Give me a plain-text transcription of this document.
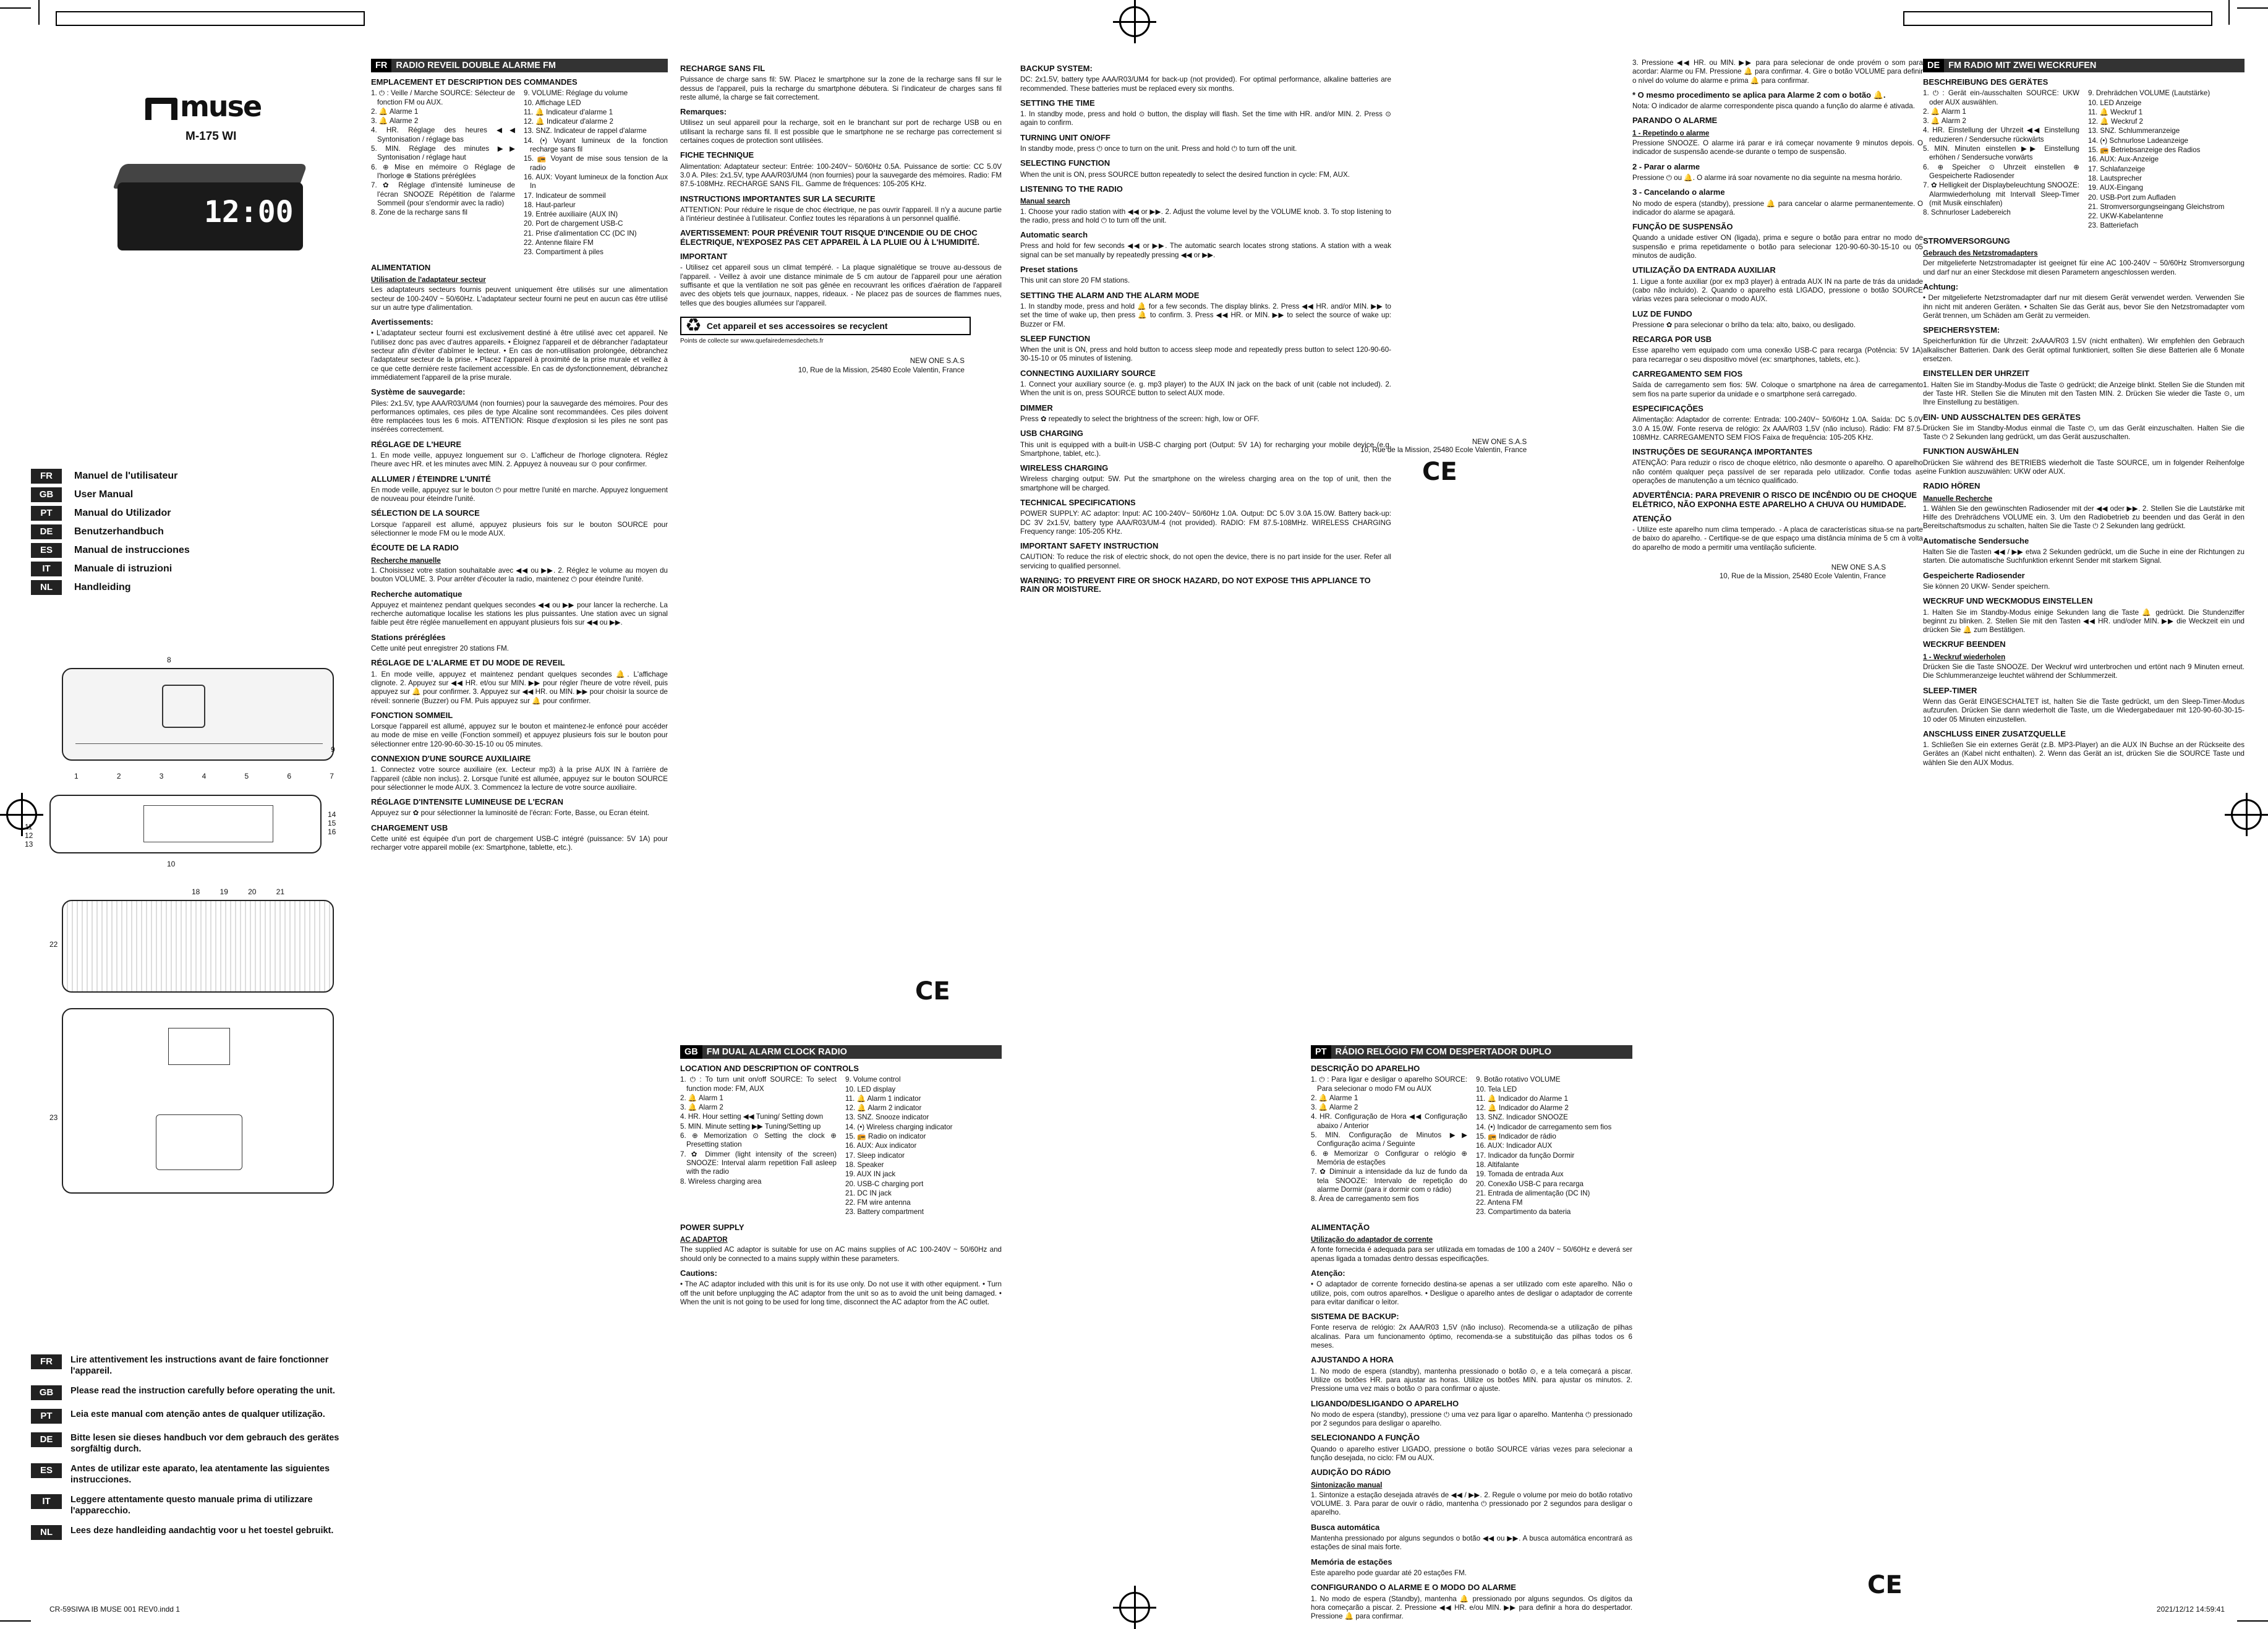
muse
M-175 WI
12:00
FR	Manuel de l'utilisateur
GB	User Manual
PT	Manual do Utilizador
DE	Benutzerhandbuch
ES	Manual de instrucciones
IT	Manuale di istruzioni
NL	Handleiding
8
9
1	2	3	4	5	6	7
11
12
13
14
15
16
10
18	19	20	21
22
23
FR	Lire attentivement les instructions avant de faire fonctionner l'appareil.
GB	Please read the instruction carefully before operating the unit.
PT	Leia este manual com atenção antes de qualquer utilização.
DE	Bitte lesen sie dieses handbuch vor dem gebrauch des gerätes sorgfältig durch.
ES	Antes de utilizar este aparato, lea atentamente las siguientes instrucciones.
IT	Leggere attentamente questo manuale prima di utilizzare l'apparecchio.
NL	Lees deze handleiding aandachtig voor u het toestel gebruikt.
FR RADIO REVEIL DOUBLE ALARME FM
EMPLACEMENT ET DESCRIPTION DES COMMANDES
1. ⏻ : Veille / Marche SOURCE: Sélecteur de fonction FM ou AUX.
2. 🔔 Alarme 1
3. 🔔 Alarme 2
4. HR. Réglage des heures ◀◀ Syntonisation / réglage bas
5. MIN. Réglage des minutes ▶▶ Syntonisation / réglage haut
6. ⊕ Mise en mémoire ⊙ Réglage de l'horloge ⊕ Stations préréglées
7. ✿ Réglage d'intensité lumineuse de l'écran SNOOZE Répétition de l'alarme Sommeil (pour s'endormir avec la radio)
8. Zone de la recharge sans fil
9. VOLUME: Réglage du volume
10. Affichage LED
11. 🔔 Indicateur d'alarme 1
12. 🔔 Indicateur d'alarme 2
13. SNZ. Indicateur de rappel d'alarme
14. (•) Voyant lumineux de la fonction recharge sans fil
15. 📻 Voyant de mise sous tension de la radio
16. AUX: Voyant lumineux de la fonction Aux In
17. Indicateur de sommeil
18. Haut-parleur
19. Entrée auxiliaire (AUX IN)
20. Port de chargement USB-C
21. Prise d'alimentation CC (DC IN)
22. Antenne filaire FM
23. Compartiment à piles
ALIMENTATION
Utilisation de l'adaptateur secteur
Les adaptateurs secteurs fournis peuvent uniquement être utilisés sur une alimentation secteur de 100-240V ~ 50/60Hz. L'adaptateur secteur fourni ne peut en aucun cas être utilisé sur un autre type d'alimentation.
Avertissements:
• L'adaptateur secteur fourni est exclusivement destiné à être utilisé avec cet appareil. Ne l'utilisez donc pas avec d'autres appareils. • Éloignez l'appareil et de débrancher l'adaptateur secteur afin d'éviter d'abîmer le lecteur. • En cas de non-utilisation prolongée, débranchez l'adaptateur secteur de la prise. • Placez l'appareil à proximité de la prise murale et veillez à ce que cette dernière reste facilement accessible. En cas de dysfonctionnement, débranchez immédiatement l'appareil de la prise murale.
Système de sauvegarde:
Piles: 2x1.5V, type AAA/R03/UM4 (non fournies) pour la sauvegarde des mémoires. Pour des performances optimales, ces piles de type Alcaline sont recommandées. Ces piles doivent être remplacées tous les 6 mois. ATTENTION: Risque d'explosion si les piles ne sont pas insérées correctement.
RÉGLAGE DE L'HEURE
1. En mode veille, appuyez longuement sur ⊙. L'afficheur de l'horloge clignotera. Réglez l'heure avec HR. et les minutes avec MIN. 2. Appuyez à nouveau sur ⊙ pour confirmer.
ALLUMER / ÉTEINDRE L'UNITÉ
En mode veille, appuyez sur le bouton ⏻ pour mettre l'unité en marche. Appuyez longuement de nouveau pour éteindre l'unité.
SÉLECTION DE LA SOURCE
Lorsque l'appareil est allumé, appuyez plusieurs fois sur le bouton SOURCE pour sélectionner le mode FM ou le mode AUX.
ÉCOUTE DE LA RADIO
Recherche manuelle
1. Choisissez votre station souhaitable avec ◀◀ ou ▶▶. 2. Réglez le volume au moyen du bouton VOLUME. 3. Pour arrêter d'écouter la radio, maintenez ⏻ pour éteindre l'unité.
Recherche automatique
Appuyez et maintenez pendant quelques secondes ◀◀ ou ▶▶ pour lancer la recherche. La recherche automatique localise les stations les plus puissantes. Une station avec un signal faible peut être réglée manuellement en appuyant plusieurs fois sur ◀◀ ou ▶▶.
Stations préréglées
Cette unité peut enregistrer 20 stations FM.
RÉGLAGE DE L'ALARME ET DU MODE DE REVEIL
1. En mode veille, appuyez et maintenez pendant quelques secondes 🔔. L'affichage clignote. 2. Appuyez sur ◀◀ HR. et/ou sur MIN. ▶▶ pour régler l'heure de votre réveil, puis appuyez sur 🔔 pour confirmer. 3. Appuyez sur ◀◀ HR. ou MIN. ▶▶ pour choisir la source de réveil: sonnerie (Buzzer) ou FM. Puis appuyez sur 🔔 pour confirmer.
FONCTION SOMMEIL
Lorsque l'appareil est allumé, appuyez sur le bouton et maintenez-le enfoncé pour accéder au mode de mise en veille (Fonction sommeil) et appuyez plusieurs fois sur le bouton pour sélectionner entre 120-90-60-30-15-10 ou 05 minutes.
CONNEXION D'UNE SOURCE AUXILIAIRE
1. Connectez votre source auxiliaire (ex. Lecteur mp3) à la prise AUX IN à l'arrière de l'appareil (câble non inclus). 2. Lorsque l'unité est allumée, appuyez sur le bouton SOURCE pour sélectionner le mode AUX. 3. Commencez la lecture de votre source auxiliaire.
RÉGLAGE D'INTENSITE LUMINEUSE DE L'ECRAN
Appuyez sur ✿ pour sélectionner la luminosité de l'écran: Forte, Basse, ou Ecran éteint.
CHARGEMENT USB
Cette unité est équipée d'un port de chargement USB-C intégré (puissance: 5V 1A) pour recharger votre appareil mobile (ex: Smartphone, tablette, etc.).
RECHARGE SANS FIL
Puissance de charge sans fil: 5W. Placez le smartphone sur la zone de la recharge sans fil sur le dessus de l'appareil, puis la recharge du smartphone débutera. Si l'indicateur de charges sans fil reste allumé, la charge se fait correctement.
Remarques:
Utilisez un seul appareil pour la recharge, soit en le branchant sur port de recharge USB ou en utilisant la recharge sans fil. Il est possible que le smartphone ne se recharge pas correctement si certaines coques de protection sont utilisées.
FICHE TECHNIQUE
Alimentation: Adaptateur secteur: Entrée: 100-240V~ 50/60Hz 0.5A. Puissance de sortie: CC 5.0V 3.0 A. Piles: 2x1.5V, type AAA/R03/UM4 (non fournies) pour la sauvegarde des mémoires. Radio: FM 87.5-108MHz. RECHARGE SANS FIL. Gamme de fréquences: 105-205 KHz.
INSTRUCTIONS IMPORTANTES SUR LA SECURITE
ATTENTION: Pour réduire le risque de choc électrique, ne pas ouvrir l'appareil. Il n'y a aucune partie à l'intérieur destinée à l'utilisateur. Confiez toutes les réparations à un personnel qualifié.
AVERTISSEMENT: POUR PRÉVENIR TOUT RISQUE D'INCENDIE OU DE CHOC ÉLECTRIQUE, N'EXPOSEZ PAS CET APPAREIL À LA PLUIE OU À L'HUMIDITÉ.
IMPORTANT
- Utilisez cet appareil sous un climat tempéré. - La plaque signalétique se trouve au-dessous de l'appareil. - Veillez à avoir une distance minimale de 5 cm autour de l'appareil pour une aération suffisante et que la ventilation ne soit pas gênée en recouvrant les orifices d'aération de l'appareil avec des objets tels que journaux, nappes, rideaux. - Ne placez pas de sources de flammes nues, telles que des bougies allumées sur l'appareil.
♻ Cet appareil et ses accessoires se recyclent
Points de collecte sur www.quefairedemesdechets.fr
NEW ONE S.A.S
10, Rue de la Mission, 25480 Ecole Valentin, France
BACKUP SYSTEM:
DC: 2x1.5V, battery type AAA/R03/UM4 for back-up (not provided). For optimal performance, alkaline batteries are recommended. These batteries must be replaced every six months.
SETTING THE TIME
1. In standby mode, press and hold ⊙ button, the display will flash. Set the time with HR. and/or MIN. 2. Press ⊙ again to confirm.
TURNING UNIT ON/OFF
In standby mode, press ⏻ once to turn on the unit. Press and hold ⏻ to turn off the unit.
SELECTING FUNCTION
When the unit is ON, press SOURCE button repeatedly to select the desired function in cycle: FM, AUX.
LISTENING TO THE RADIO
Manual search
1. Choose your radio station with ◀◀ or ▶▶. 2. Adjust the volume level by the VOLUME knob. 3. To stop listening to the radio, press and hold ⏻ to turn off the unit.
Automatic search
Press and hold for few seconds ◀◀ or ▶▶. The automatic search locates strong stations. A station with a weak signal can be set manually by repeatedly pressing ◀◀ or ▶▶.
Preset stations
This unit can store 20 FM stations.
SETTING THE ALARM AND THE ALARM MODE
1. In standby mode, press and hold 🔔 for a few seconds. The display blinks. 2. Press ◀◀ HR. and/or MIN. ▶▶ to set the time of wake up, then press 🔔 to confirm. 3. Press ◀◀ HR. or MIN. ▶▶ to select the source of wake up: Buzzer or FM.
SLEEP FUNCTION
When the unit is ON, press and hold button to access sleep mode and repeatedly press button to select 120-90-60-30-15-10 or 05 minutes of listening.
CONNECTING AUXILIARY SOURCE
1. Connect your auxiliary source (e. g. mp3 player) to the AUX IN jack on the back of unit (cable not included). 2. When the unit is on, press SOURCE button to select AUX mode.
DIMMER
Press ✿ repeatedly to select the brightness of the screen: high, low or OFF.
USB CHARGING
This unit is equipped with a built-in USB-C charging port (Output: 5V 1A) for recharging your mobile device (e.g. Smartphone, tablet, etc.).
WIRELESS CHARGING
Wireless charging output: 5W. Put the smartphone on the wireless charging area on the top of unit, then the smartphone will be charged.
TECHNICAL SPECIFICATIONS
POWER SUPPLY: AC adaptor: Input: AC 100-240V~ 50/60Hz 1.0A. Output: DC 5.0V 3.0A 15.0W. Battery back-up: DC 3V 2x1.5V, battery type AAA/R03/UM-4 (not provided). RADIO: FM 87.5-108MHz. WIRELESS CHARGING Frequency range: 105-205 KHz.
IMPORTANT SAFETY INSTRUCTION
CAUTION: To reduce the risk of electric shock, do not open the device, there is no part inside for the user. Refer all servicing to qualified personnel.
WARNING: TO PREVENT FIRE OR SHOCK HAZARD, DO NOT EXPOSE THIS APPLIANCE TO RAIN OR MOISTURE.
GB FM DUAL ALARM CLOCK RADIO
LOCATION AND DESCRIPTION OF CONTROLS
1. ⏻ : To turn unit on/off SOURCE: To select function mode: FM, AUX
2. 🔔 Alarm 1
3. 🔔 Alarm 2
4. HR. Hour setting ◀◀ Tuning/ Setting down
5. MIN. Minute setting ▶▶ Tuning/Setting up
6. ⊕ Memorization ⊙ Setting the clock ⊕ Presetting station
7. ✿ Dimmer (light intensity of the screen) SNOOZE: Interval alarm repetition Fall asleep with the radio
8. Wireless charging area
9. Volume control
10. LED display
11. 🔔 Alarm 1 indicator
12. 🔔 Alarm 2 indicator
13. SNZ. Snooze indicator
14. (•) Wireless charging indicator
15. 📻 Radio on indicator
16. AUX: Aux indicator
17. Sleep indicator
18. Speaker
19. AUX IN jack
20. USB-C charging port
21. DC IN jack
22. FM wire antenna
23. Battery compartment
POWER SUPPLY
AC ADAPTOR
The supplied AC adaptor is suitable for use on AC mains supplies of AC 100-240V ~ 50/60Hz and should only be connected to a mains supply within these parameters.
Cautions:
• The AC adaptor included with this unit is for its use only. Do not use it with other equipment. • Turn off the unit before unplugging the AC adaptor from the unit so as to avoid the unit being damaged. • When the unit is not going to be used for long time, disconnect the AC adaptor from the AC outlet.
PT RÁDIO RELÓGIO FM COM DESPERTADOR DUPLO
DESCRIÇÃO DO APARELHO
1. ⏻ : Para ligar e desligar o aparelho SOURCE: Para selecionar o modo FM ou AUX
2. 🔔 Alarme 1
3. 🔔 Alarme 2
4. HR. Configuração de Hora ◀◀ Configuração abaixo / Anterior
5. MIN. Configuração de Minutos ▶▶ Configuração acima / Seguinte
6. ⊕ Memorizar ⊙ Configurar o relógio ⊕ Memória de estações
7. ✿ Diminuir a intensidade da luz de fundo da tela SNOOZE: Intervalo de repetição do alarme Dormir (para ir dormir com o rádio)
8. Área de carregamento sem fios
9. Botão rotativo VOLUME
10. Tela LED
11. 🔔 Indicador do Alarme 1
12. 🔔 Indicador do Alarme 2
13. SNZ. Indicador SNOOZE
14. (•) Indicador de carregamento sem fios
15. 📻 Indicador de rádio
16. AUX: Indicador AUX
17. Indicador da função Dormir
18. Altifalante
19. Tomada de entrada Aux
20. Conexão USB-C para recarga
21. Entrada de alimentação (DC IN)
22. Antena FM
23. Compartimento da bateria
ALIMENTAÇÃO
Utilização do adaptador de corrente
A fonte fornecida é adequada para ser utilizada em tomadas de 100 a 240V ~ 50/60Hz e deverá ser apenas ligada a tomadas dentro dessas especificações.
Atenção:
• O adaptador de corrente fornecido destina-se apenas a ser utilizado com este aparelho. Não o utilize, pois, com outros aparelhos. • Desligue o aparelho antes de desligar o adaptador de corrente para evitar danificar o leitor.
SISTEMA DE BACKUP:
Fonte reserva de relógio: 2x AAA/R03 1,5V (não incluso). Recomenda-se a utilização de pilhas alcalinas. Para um funcionamento óptimo, recomenda-se a substituição das pilhas todos os 6 meses.
AJUSTANDO A HORA
1. No modo de espera (standby), mantenha pressionado o botão ⊙, e a tela começará a piscar. Utilize os botões HR. para ajustar as horas. Utilize os botões MIN. para ajustar os minutos. 2. Pressione uma vez mais o botão ⊙ para confirmar o ajuste.
LIGANDO/DESLIGANDO O APARELHO
No modo de espera (standby), pressione ⏻ uma vez para ligar o aparelho. Mantenha ⏻ pressionado por 2 segundos para desligar o aparelho.
SELECIONANDO A FUNÇÃO
Quando o aparelho estiver LIGADO, pressione o botão SOURCE várias vezes para selecionar a função desejada, no ciclo: FM ou AUX.
AUDIÇÃO DO RÁDIO
Sintonização manual
1. Sintonize a estação desejada através de ◀◀ / ▶▶. 2. Regule o volume por meio do botão rotativo VOLUME. 3. Para parar de ouvir o rádio, mantenha ⏻ pressionado por 2 segundos para desligar o aparelho.
Busca automática
Mantenha pressionado por alguns segundos o botão ◀◀ ou ▶▶. A busca automática encontrará as estações de sinal mais forte.
Memória de estações
Este aparelho pode guardar até 20 estações FM.
CONFIGURANDO O ALARME E O MODO DO ALARME
1. No modo de espera (Standby), mantenha 🔔 pressionado por alguns segundos. Os dígitos da hora começarão a piscar. 2. Pressione ◀◀ HR. e/ou MIN. ▶▶ para definir a hora do despertador. Pressione 🔔 para confirmar.
3. Pressione ◀◀ HR. ou MIN. ▶▶ para para selecionar de onde provém o som para acordar: Alarme ou FM. Pressione 🔔 para confirmar. 4. Gire o botão VOLUME para definir o nível do volume do alarme e prima 🔔 para confirmar.
* O mesmo procedimento se aplica para Alarme 2 com o botão 🔔.
Nota: O indicador de alarme correspondente pisca quando a função do alarme é ativada.
PARANDO O ALARME
1 - Repetindo o alarme
Pressione SNOOZE. O alarme irá parar e irá começar novamente 9 minutos depois. O indicador de suspensão acende-se durante o tempo de suspensão.
2 - Parar o alarme
Pressione ⏻ ou 🔔. O alarme irá soar novamente no dia seguinte na mesma horário.
3 - Cancelando o alarme
No modo de espera (standby), pressione 🔔 para cancelar o alarme permanentemente. O indicador do alarme se apagará.
FUNÇÃO DE SUSPENSÃO
Quando a unidade estiver ON (ligada), prima e segure o botão para entrar no modo de suspensão e prima repetidamente o botão para selecionar 120-90-60-30-15-10 ou 05 minutos de audição.
UTILIZAÇÃO DA ENTRADA AUXILIAR
1. Ligue a fonte auxiliar (por ex mp3 player) à entrada AUX IN na parte de trás da unidade (cabo não incluído). 2. Quando o aparelho está LIGADO, pressione o botão SOURCE várias vezes para selecionar o modo AUX.
LUZ DE FUNDO
Pressione ✿ para selecionar o brilho da tela: alto, baixo, ou desligado.
RECARGA POR USB
Esse aparelho vem equipado com uma conexão USB-C para recarga (Potência: 5V 1A) para recarregar o seu dispositivo móvel (ex: smartphones, tablets, etc.).
CARREGAMENTO SEM FIOS
Saída de carregamento sem fios: 5W. Coloque o smartphone na área de carregamento sem fios na parte superior da unidade e o smartphone será carregado.
ESPECIFICAÇÕES
Alimentação: Adaptador de corrente: Entrada: 100-240V~ 50/60Hz 1.0A. Saída: DC 5.0V 3.0 A 15.0W. Fonte reserva de relógio: 2x AAA/R03 1,5V (não incluso). Rádio: FM 87.5-108MHz. CARREGAMENTO SEM FIOS Faixa de frequência: 105-205 KHz.
INSTRUÇÕES DE SEGURANÇA IMPORTANTES
ATENÇÃO: Para reduzir o risco de choque elétrico, não desmonte o aparelho. O aparelho não contém qualquer peça passível de ser reparada pelo utilizador. Confie todas as operações de manutenção a um técnico qualificado.
ADVERTÊNCIA: PARA PREVENIR O RISCO DE INCÊNDIO OU DE CHOQUE ELÉTRICO, NÃO EXPONHA ESTE APARELHO A CHUVA OU HUMIDADE.
ATENÇÃO
- Utilize este aparelho num clima temperado. - A placa de características situa-se na parte de baixo do aparelho. - Certifique-se de que espaço uma distância mínima de 5 cm à volta do aparelho de modo a permitir uma ventilação suficiente.
NEW ONE S.A.S
10, Rue de la Mission, 25480 Ecole Valentin, France
NEW ONE S.A.S
10, Rue de la Mission, 25480 Ecole Valentin, France
CE
CE
CE
DE FM RADIO MIT ZWEI WECKRUFEN
BESCHREIBUNG DES GERÄTES
1. ⏻ : Gerät ein-/ausschalten SOURCE: UKW oder AUX auswählen.
2. 🔔 Alarm 1
3. 🔔 Alarm 2
4. HR. Einstellung der Uhrzeit ◀◀ Einstellung reduzieren / Sendersuche rückwärts
5. MIN. Minuten einstellen ▶▶ Einstellung erhöhen / Sendersuche vorwärts
6. ⊕ Speicher ⊙ Uhrzeit einstellen ⊕ Gespeicherte Radiosender
7. ✿ Helligkeit der Displaybeleuchtung SNOOZE: Alarmwiederholung mit Intervall Sleep-Timer (mit Musik einschlafen)
8. Schnurloser Ladebereich
9. Drehrädchen VOLUME (Lautstärke)
10. LED Anzeige
11. 🔔 Weckruf 1
12. 🔔 Weckruf 2
13. SNZ. Schlummeranzeige
14. (•) Schnurlose Ladeanzeige
15. 📻 Betriebsanzeige des Radios
16. AUX: Aux-Anzeige
17. Schlafanzeige
18. Lautsprecher
19. AUX-Eingang
20. USB-Port zum Aufladen
21. Stromversorgungseingang Gleichstrom
22. UKW-Kabelantenne
23. Batteriefach
STROMVERSORGUNG
Gebrauch des Netzstromadapters
Der mitgelieferte Netzstromadapter ist geeignet für eine AC 100-240V ~ 50/60Hz Stromversorgung und darf nur an einer Steckdose mit diesen Parametern angeschlossen werden.
Achtung:
• Der mitgelieferte Netzstromadapter darf nur mit diesem Gerät verwendet werden. Verwenden Sie ihn nicht mit anderen Geräten. • Schalten Sie das Gerät aus, bevor Sie den Netzstromadapter vom Gerät trennen, um Schäden am Gerät zu vermeiden.
SPEICHERSYSTEM:
Speicherfunktion für die Uhrzeit: 2xAAA/R03 1.5V (nicht enthalten). Wir empfehlen den Gebrauch alkalischer Batterien. Dank des Gerät optimal funktioniert, sollten Sie diese Batterien alle 6 Monate ersetzen.
EINSTELLEN DER UHRZEIT
1. Halten Sie im Standby-Modus die Taste ⊙ gedrückt; die Anzeige blinkt. Stellen Sie die Stunden mit der Taste HR. Stellen Sie die Minuten mit den Tasten MIN. 2. Drücken Sie wieder die Taste ⊙, um Ihre Einstellung zu bestätigen.
EIN- UND AUSSCHALTEN DES GERÄTES
Drücken Sie im Standby-Modus einmal die Taste ⏻, um das Gerät einzuschalten. Halten Sie die Taste ⏻ 2 Sekunden lang gedrückt, um das Gerät auszuschalten.
FUNKTION AUSWÄHLEN
Drücken Sie während des BETRIEBS wiederholt die Taste SOURCE, um in folgender Reihenfolge eine Funktion auszuwählen: UKW oder AUX.
RADIO HÖREN
Manuelle Recherche
1. Wählen Sie den gewünschten Radiosender mit der ◀◀ oder ▶▶. 2. Stellen Sie die Lautstärke mit Hilfe des Drehrädchens VOLUME ein. 3. Um den Radiobetrieb zu beenden und das Gerät in den Bereitschaftsmodus zu schalten, halten Sie die Taste ⏻ 2 Sekunden lang gedrückt.
Automatische Sendersuche
Halten Sie die Tasten ◀◀ / ▶▶ etwa 2 Sekunden gedrückt, um die Suche in eine der Richtungen zu starten. Die automatische Suchfunktion erkennt Sender mit starkem Signal.
Gespeicherte Radiosender
Sie können 20 UKW- Sender speichern.
WECKRUF UND WECKMODUS EINSTELLEN
1. Halten Sie im Standby-Modus einige Sekunden lang die Taste 🔔 gedrückt. Die Stundenziffer beginnt zu blinken. 2. Stellen Sie mit den Tasten ◀◀ HR. und/oder MIN. ▶▶ die Weckzeit ein und drücken Sie 🔔 zum Bestätigen.
WECKRUF BEENDEN
1 - Weckruf wiederholen
Drücken Sie die Taste SNOOZE. Der Weckruf wird unterbrochen und ertönt nach 9 Minuten erneut. Die Schlummeranzeige leuchtet während der Schlummerzeit.
SLEEP-TIMER
Wenn das Gerät EINGESCHALTET ist, halten Sie die Taste gedrückt, um den Sleep-Timer-Modus aufzurufen. Drücken Sie dann wiederholt die Taste, um die Wiedergabedauer mit 120-90-60-30-15-10 oder 05 Minuten einzustellen.
ANSCHLUSS EINER ZUSATZQUELLE
1. Schließen Sie ein externes Gerät (z.B. MP3-Player) an die AUX IN Buchse an der Rückseite des Gerätes an (Kabel nicht enthalten). 2. Wenn das Gerät an ist, drücken Sie die SOURCE Taste und wählen Sie den AUX Modus.
CR-59SIWA IB MUSE 001 REV0.indd 1	2021/12/12 14:59:41
